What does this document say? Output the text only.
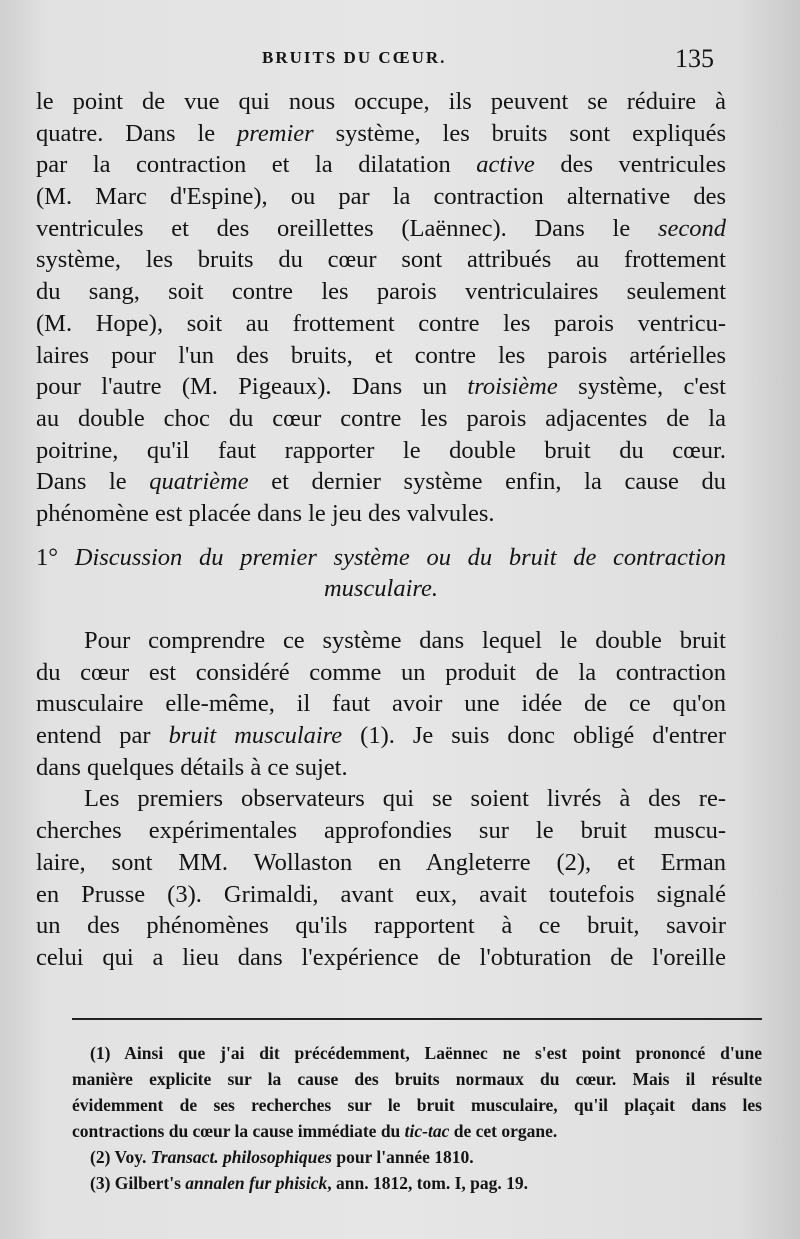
BRUITS DU CŒUR.	135
le point de vue qui nous occupe, ils peuvent se réduire à
quatre. Dans le premier système, les bruits sont expliqués
par la contraction et la dilatation active des ventricules
(M. Marc d'Espine), ou par la contraction alternative des
ventricules et des oreillettes (Laënnec). Dans le second
système, les bruits du cœur sont attribués au frottement
du sang, soit contre les parois ventriculaires seulement
(M. Hope), soit au frottement contre les parois ventricu-
laires pour l'un des bruits, et contre les parois artérielles
pour l'autre (M. Pigeaux). Dans un troisième système, c'est
au double choc du cœur contre les parois adjacentes de la
poitrine, qu'il faut rapporter le double bruit du cœur.
Dans le quatrième et dernier système enfin, la cause du
phénomène est placée dans le jeu des valvules.
1° Discussion du premier système ou du bruit de contraction
musculaire.
Pour comprendre ce système dans lequel le double bruit
du cœur est considéré comme un produit de la contraction
musculaire elle-même, il faut avoir une idée de ce qu'on
entend par bruit musculaire (1). Je suis donc obligé d'entrer
dans quelques détails à ce sujet.
Les premiers observateurs qui se soient livrés à des re-
cherches expérimentales approfondies sur le bruit muscu-
laire, sont MM. Wollaston en Angleterre (2), et Erman
en Prusse (3). Grimaldi, avant eux, avait toutefois signalé
un des phénomènes qu'ils rapportent à ce bruit, savoir
celui qui a lieu dans l'expérience de l'obturation de l'oreille
(1) Ainsi que j'ai dit précédemment, Laënnec ne s'est point prononcé d'une
manière explicite sur la cause des bruits normaux du cœur. Mais il résulte
évidemment de ses recherches sur le bruit musculaire, qu'il plaçait dans les
contractions du cœur la cause immédiate du tic-tac de cet organe.
(2) Voy. Transact. philosophiques pour l'année 1810.
(3) Gilbert's annalen fur phisick, ann. 1812, tom. I, pag. 19.
